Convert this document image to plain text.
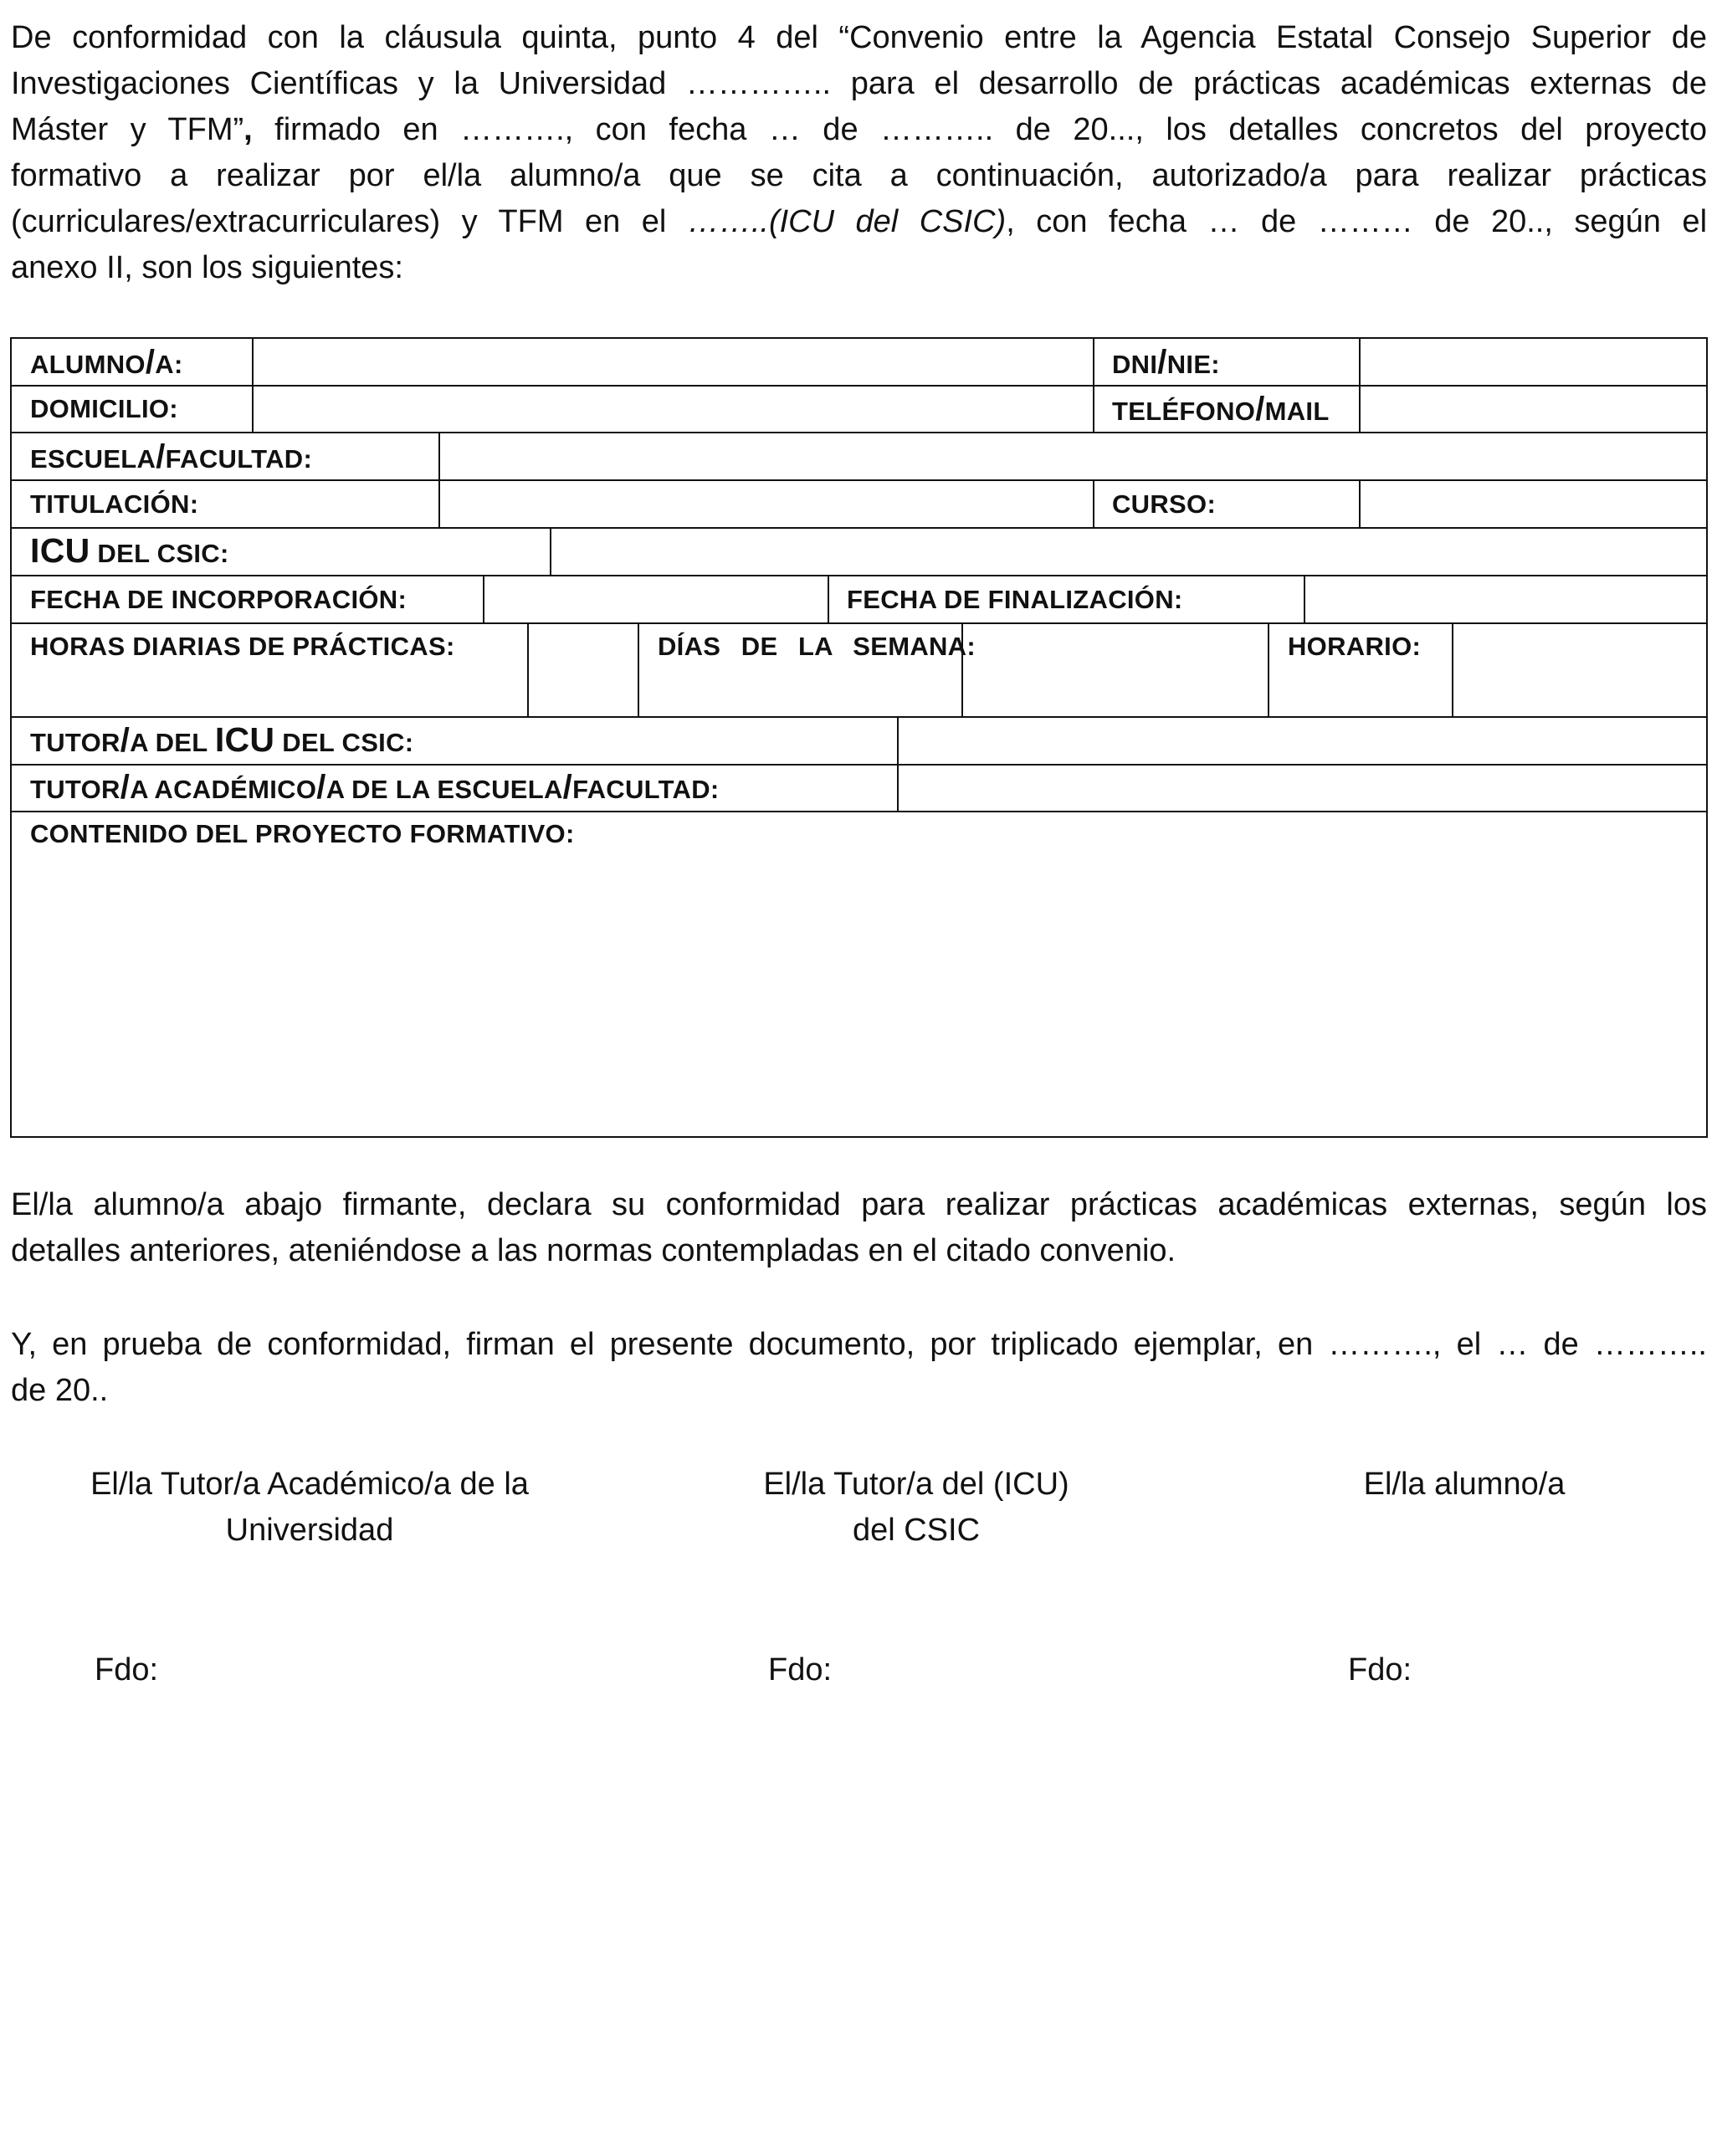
De conformidad con la cláusula quinta, punto 4 del “Convenio entre la Agencia Estatal Consejo Superior de
Investigaciones Científicas y la Universidad ………….. para el desarrollo de prácticas académicas externas de
Máster y TFM”, firmado en ………., con fecha … de ……….. de 20..., los detalles concretos del proyecto
formativo a realizar por el/la alumno/a que se cita a continuación, autorizado/a para realizar prácticas
(curriculares/extracurriculares) y TFM en el ……..(ICU del CSIC), con fecha … de ……… de 20.., según el
anexo II, son los siguientes:
ALUMNO/A:	DNI/NIE:
DOMICILIO:	TELÉFONO/MAIL
ESCUELA/FACULTAD:
TITULACIÓN:	CURSO:
ICU DEL CSIC:
FECHA DE INCORPORACIÓN:	FECHA DE FINALIZACIÓN:
HORAS DIARIAS DE PRÁCTICAS:	DÍAS DE LA SEMANA:	HORARIO:
TUTOR/A DEL ICU DEL CSIC:
TUTOR/A ACADÉMICO/A DE LA ESCUELA/FACULTAD:
CONTENIDO DEL PROYECTO FORMATIVO:
El/la alumno/a abajo firmante, declara su conformidad para realizar prácticas académicas externas, según los
detalles anteriores, ateniéndose a las normas contempladas en el citado convenio.
Y, en prueba de conformidad, firman el presente documento, por triplicado ejemplar, en ………., el … de ………..
de 20..
El/la Tutor/a Académico/a de la
Universidad
El/la Tutor/a del (ICU)
del CSIC
El/la alumno/a
Fdo:	Fdo:	Fdo:
